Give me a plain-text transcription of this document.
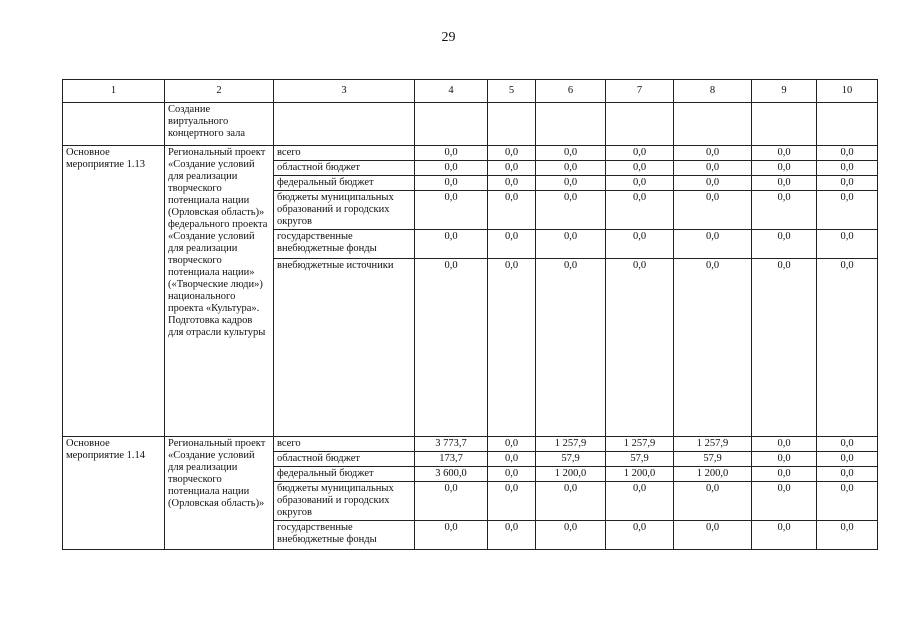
29
1	2	3	4	5	6	7	8	9	10
	Создание виртуального концертного зала								
Основное мероприятие 1.13	Региональный проект «Создание условий для реализации творческого потенциала нации (Орловская область)» федерального проекта «Создание условий для реализации творческого потенциала нации» («Творческие люди») национального проекта «Культура». Подготовка кадров для отрасли культуры	всего	0,0	0,0	0,0	0,0	0,0	0,0	0,0
		областной бюджет	0,0	0,0	0,0	0,0	0,0	0,0	0,0
		федеральный бюджет	0,0	0,0	0,0	0,0	0,0	0,0	0,0
		бюджеты муниципальных образований и городских округов	0,0	0,0	0,0	0,0	0,0	0,0	0,0
		государственные внебюджетные фонды	0,0	0,0	0,0	0,0	0,0	0,0	0,0
		внебюджетные источники	0,0	0,0	0,0	0,0	0,0	0,0	0,0
Основное мероприятие 1.14	Региональный проект «Создание условий для реализации творческого потенциала нации (Орловская область)»	всего	3 773,7	0,0	1 257,9	1 257,9	1 257,9	0,0	0,0
		областной бюджет	173,7	0,0	57,9	57,9	57,9	0,0	0,0
		федеральный бюджет	3 600,0	0,0	1 200,0	1 200,0	1 200,0	0,0	0,0
		бюджеты муниципальных образований и городских округов	0,0	0,0	0,0	0,0	0,0	0,0	0,0
		государственные внебюджетные фонды	0,0	0,0	0,0	0,0	0,0	0,0	0,0
